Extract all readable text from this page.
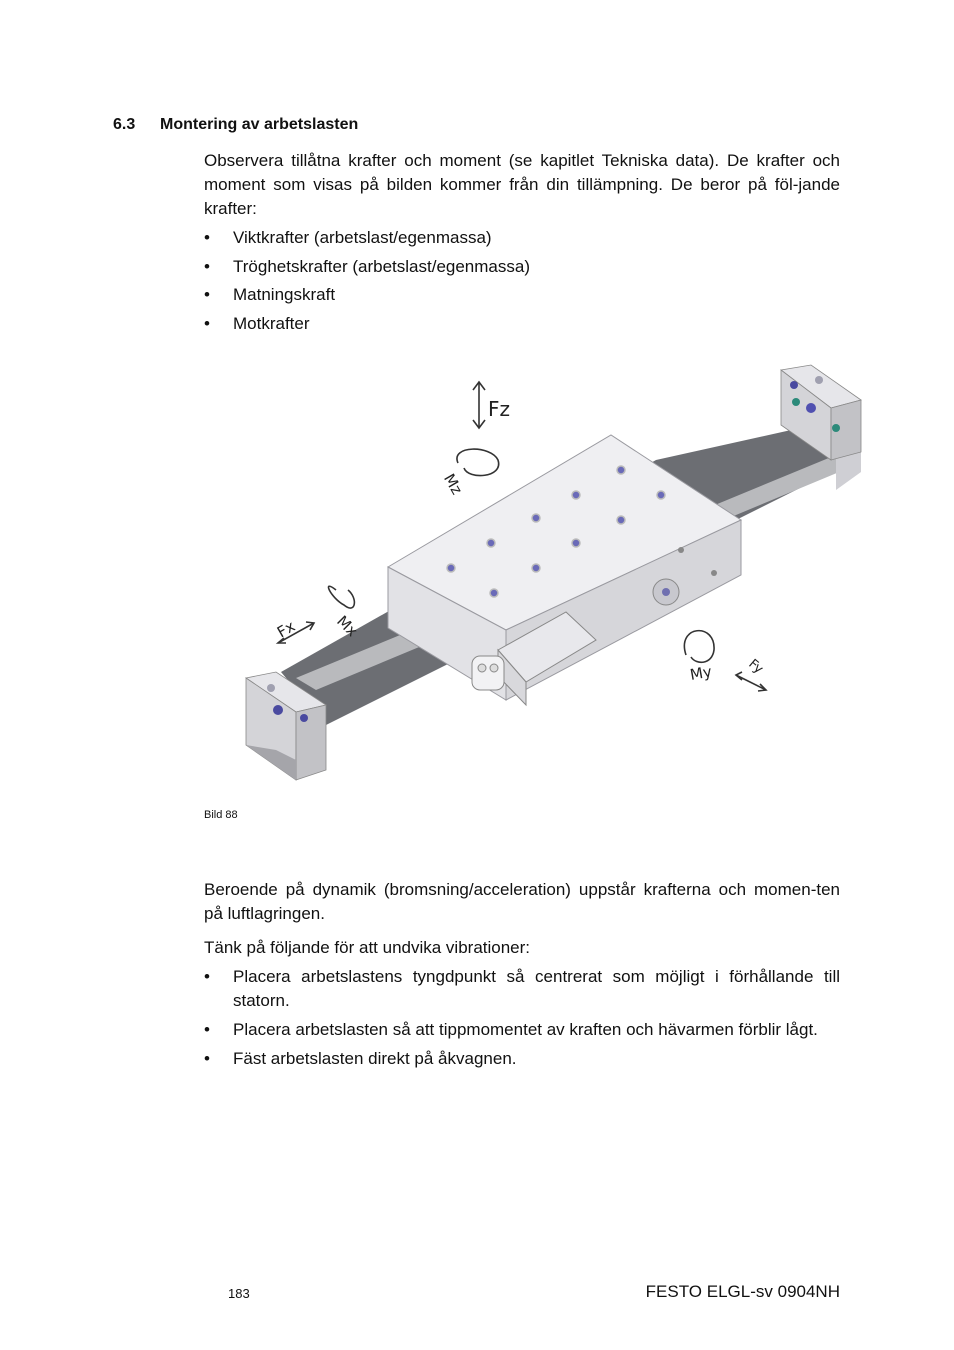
6.3 Montering av arbetslasten

Observera tillåtna krafter och moment (se kapitlet Tekniska data). De krafter och moment som visas på bilden kommer från din tillämpning. De beror på föl-jande krafter:

• Viktkrafter (arbetslast/egenmassa)
• Tröghetskrafter (arbetslast/egenmassa)
• Matningskraft
• Motkrafter
Fz
Mz
Fx Mx
My Fy
Bild 88

Beroende på dynamik (bromsning/acceleration) uppstår krafterna och momen-ten på luftlagringen.

Tänk på följande för att undvika vibrationer:

• Placera arbetslastens tyngdpunkt så centrerat som möjligt i förhållande till statorn.
• Placera arbetslasten så att tippmomentet av kraften och hävarmen förblir lågt.
• Fäst arbetslasten direkt på åkvagnen.
183	FESTO ELGL-sv 0904NH
